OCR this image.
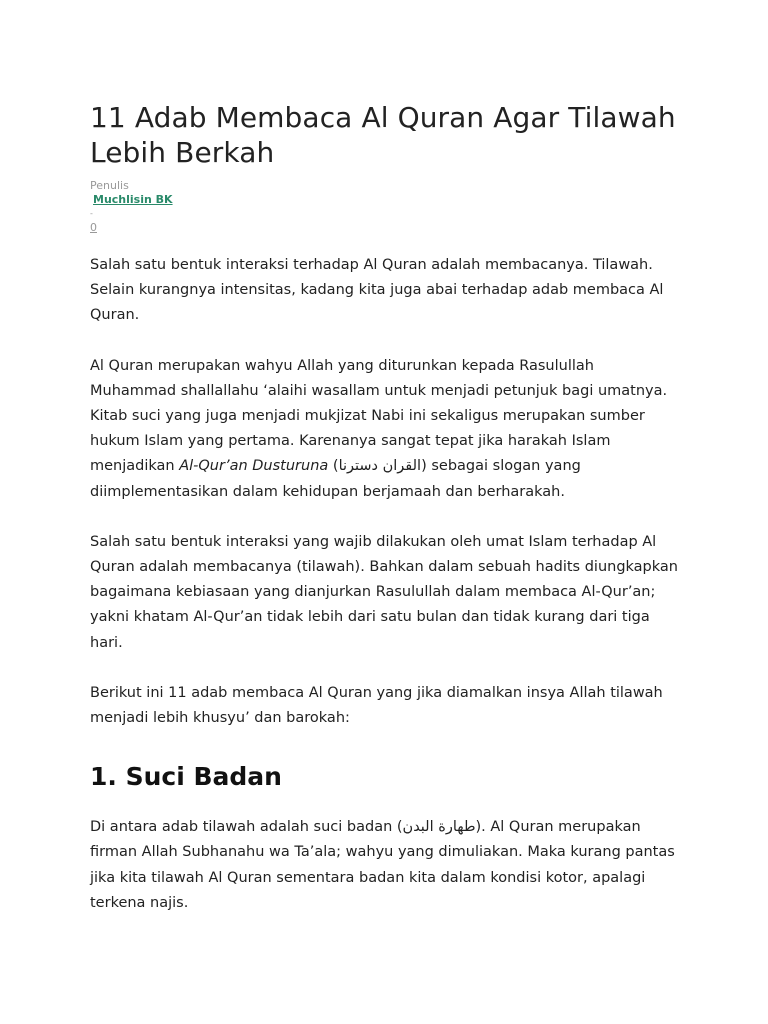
11 Adab Membaca Al Quran Agar Tilawah Lebih Berkah
Penulis
Muchlisin BK
-
0

Salah satu bentuk interaksi terhadap Al Quran adalah membacanya. Tilawah. Selain kurangnya intensitas, kadang kita juga abai terhadap adab membaca Al Quran.

Al Quran merupakan wahyu Allah yang diturunkan kepada Rasulullah Muhammad shallallahu ‘alaihi wasallam untuk menjadi petunjuk bagi umatnya. Kitab suci yang juga menjadi mukjizat Nabi ini sekaligus merupakan sumber hukum Islam yang pertama. Karenanya sangat tepat jika harakah Islam menjadikan Al-Qur’an Dusturuna (القران دسترنا) sebagai slogan yang diimplementasikan dalam kehidupan berjamaah dan berharakah.

Salah satu bentuk interaksi yang wajib dilakukan oleh umat Islam terhadap Al Quran adalah membacanya (tilawah). Bahkan dalam sebuah hadits diungkapkan bagaimana kebiasaan yang dianjurkan Rasulullah dalam membaca Al-Qur’an; yakni khatam Al-Qur’an tidak lebih dari satu bulan dan tidak kurang dari tiga hari.

Berikut ini 11 adab membaca Al Quran yang jika diamalkan insya Allah tilawah menjadi lebih khusyu’ dan barokah:

1. Suci Badan

Di antara adab tilawah adalah suci badan (طهارة البدن). Al Quran merupakan firman Allah Subhanahu wa Ta’ala; wahyu yang dimuliakan. Maka kurang pantas jika kita tilawah Al Quran sementara badan kita dalam kondisi kotor, apalagi terkena najis.
